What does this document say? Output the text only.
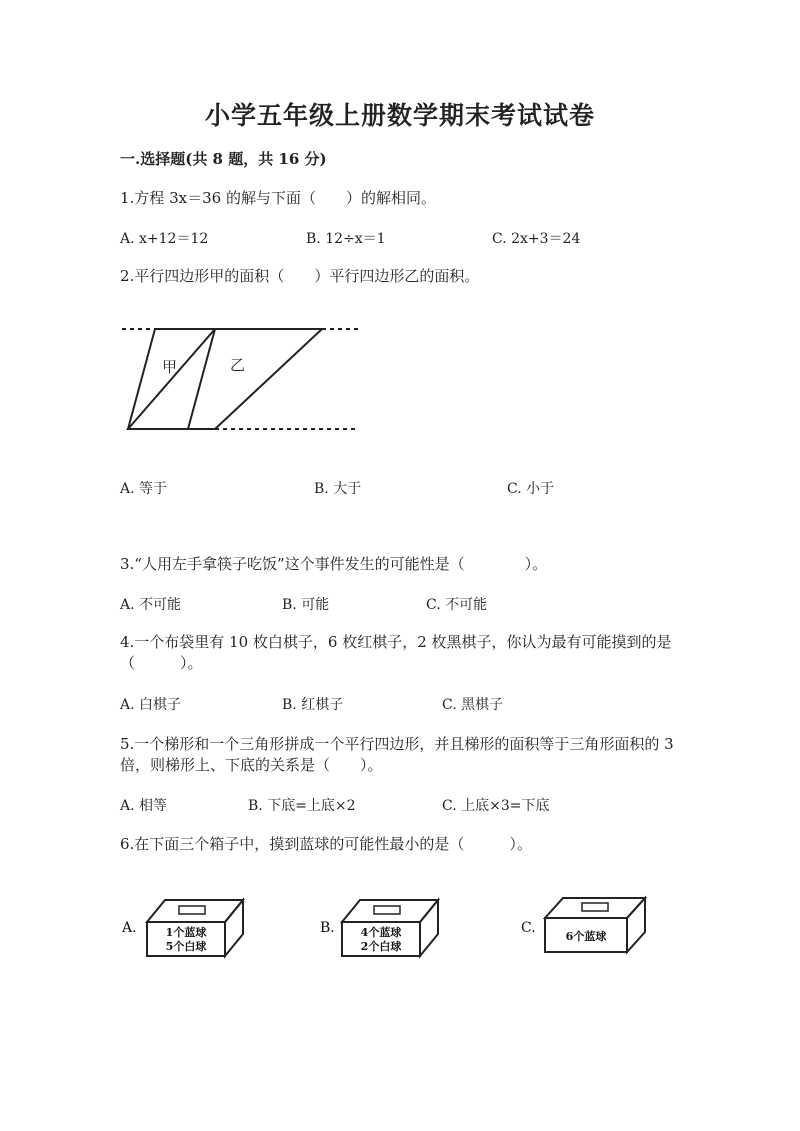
小学五年级上册数学期末考试试卷
一.选择题(共 8 题，共 16 分)
1.方程 3x＝36 的解与下面（　　）的解相同。
A. x+12＝12	B. 12÷x＝1	C. 2x+3＝24
2.平行四边形甲的面积（　　）平行四边形乙的面积。
甲	乙
A. 等于	B. 大于	C. 小于
3.“人用左手拿筷子吃饭”这个事件发生的可能性是（　　　　）。
A. 不可能	B. 可能	C. 不可能
4.一个布袋里有 10 枚白棋子，6 枚红棋子，2 枚黑棋子，你认为最有可能摸到的是（　　　）。
A. 白棋子	B. 红棋子	C. 黑棋子
5.一个梯形和一个三角形拼成一个平行四边形，并且梯形的面积等于三角形面积的 3 倍，则梯形上、下底的关系是（　　）。
A. 相等	B. 下底=上底×2	C. 上底×3=下底
6.在下面三个箱子中，摸到蓝球的可能性最小的是（　　　）。
A.	1个蓝球
5个白球
B. 4个蓝球
2个白球
C.
6个蓝球
